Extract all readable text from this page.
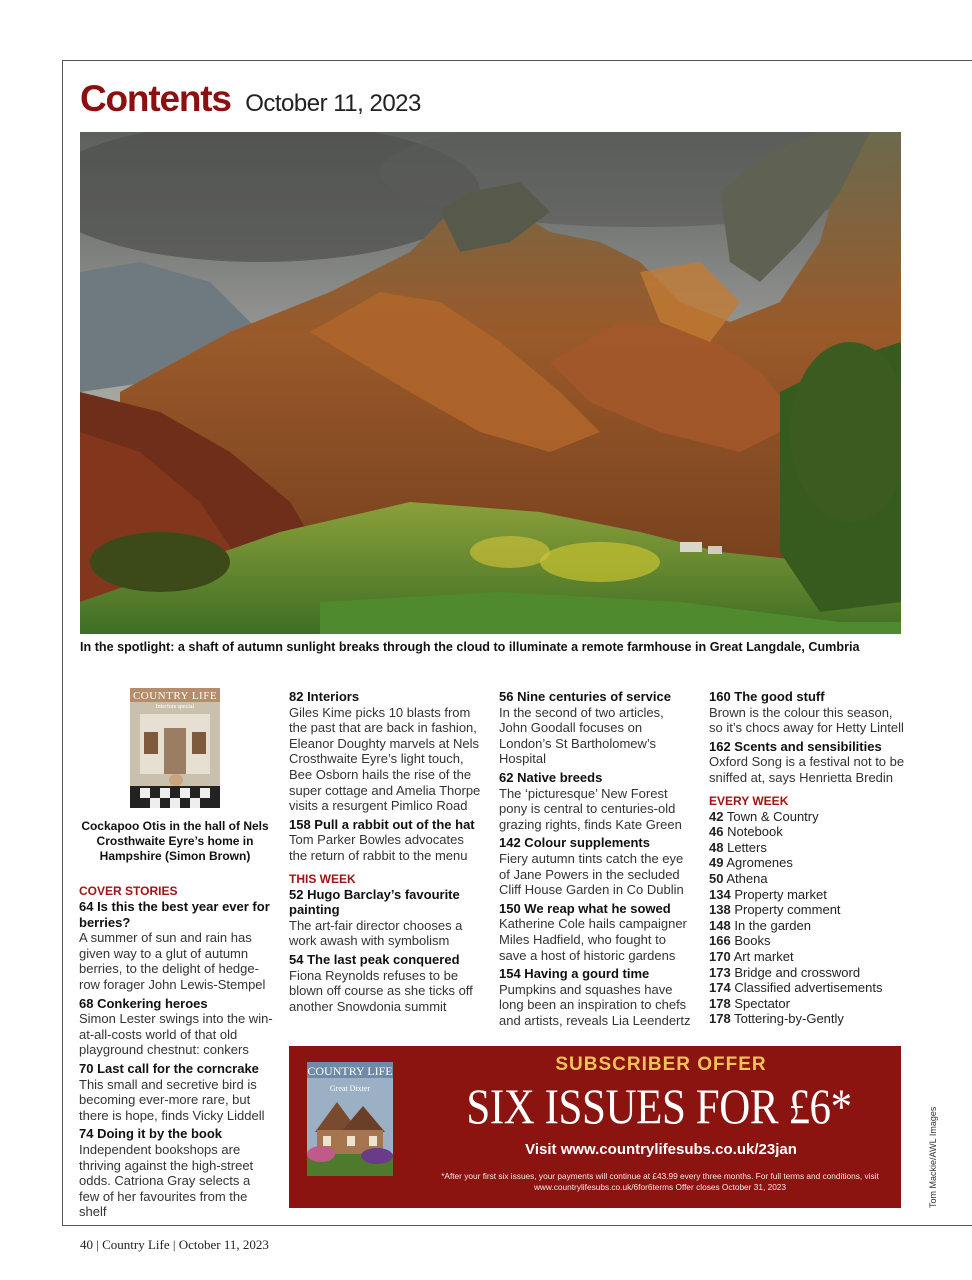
Contents October 11, 2023
In the spotlight: a shaft of autumn sunlight breaks through the cloud to illuminate a remote farmhouse in Great Langdale, Cumbria
COUNTRY LIFE
Interiors special
Cockapoo Otis in the hall of Nels Crosthwaite Eyre’s home in Hampshire (Simon Brown)
COVER STORIES
64 Is this the best year ever for berries?
A summer of sun and rain has given way to a glut of autumn berries, to the delight of hedge-row forager John Lewis-Stempel
68 Conkering heroes
Simon Lester swings into the win-at-all-costs world of that old playground chestnut: conkers
70 Last call for the corncrake
This small and secretive bird is becoming ever-more rare, but there is hope, finds Vicky Liddell
74 Doing it by the book
Independent bookshops are thriving against the high-street odds. Catriona Gray selects a few of her favourites from the shelf
82 Interiors
Giles Kime picks 10 blasts from the past that are back in fashion, Eleanor Doughty marvels at Nels Crosthwaite Eyre’s light touch, Bee Osborn hails the rise of the super cottage and Amelia Thorpe visits a resurgent Pimlico Road
158 Pull a rabbit out of the hat
Tom Parker Bowles advocates the return of rabbit to the menu
THIS WEEK
52 Hugo Barclay’s favourite painting
The art-fair director chooses a work awash with symbolism
54 The last peak conquered
Fiona Reynolds refuses to be blown off course as she ticks off another Snowdonia summit
56 Nine centuries of service
In the second of two articles, John Goodall focuses on London’s St Bartholomew’s Hospital
62 Native breeds
The ‘picturesque’ New Forest pony is central to centuries-old grazing rights, finds Kate Green
142 Colour supplements
Fiery autumn tints catch the eye of Jane Powers in the secluded Cliff House Garden in Co Dublin
150 We reap what he sowed
Katherine Cole hails campaigner Miles Hadfield, who fought to save a host of historic gardens
154 Having a gourd time
Pumpkins and squashes have long been an inspiration to chefs and artists, reveals Lia Leendertz
160 The good stuff
Brown is the colour this season, so it’s chocs away for Hetty Lintell
162 Scents and sensibilities
Oxford Song is a festival not to be sniffed at, says Henrietta Bredin
EVERY WEEK
42 Town & Country
46 Notebook
48 Letters
49 Agromenes
50 Athena
134 Property market
138 Property comment
148 In the garden
166 Books
170 Art market
173 Bridge and crossword
174 Classified advertisements
178 Spectator
178 Tottering-by-Gently
COUNTRY LIFE
Great Dixter
SUBSCRIBER OFFER
SIX ISSUES FOR £6*
Visit www.countrylifesubs.co.uk/23jan
*After your first six issues, your payments will continue at £43.99 every three months. For full terms and conditions, visit www.countrylifesubs.co.uk/6for6terms Offer closes October 31, 2023	Tom Mackie/AWL Images
40 | Country Life | October 11, 2023
